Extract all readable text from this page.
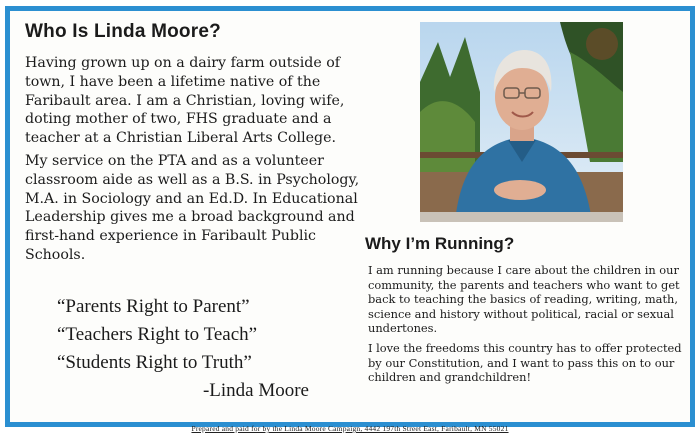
Who Is Linda Moore?

Having grown up on a dairy farm outside of town, I have been a lifetime native of the Faribault area. I am a Christian, loving wife, doting mother of two, FHS graduate and a teacher at a Christian Liberal Arts College.

My service on the PTA and as a volunteer classroom aide as well as a B.S. in Psychology, M.A. in Sociology and an Ed.D. In Educational Leadership gives me a broad background and first-hand experience in Faribault Public Schools.

“Parents Right to Parent”
“Teachers Right to Teach”
“Students Right to Truth”
-Linda Moore
Why I’m Running?

I am running because I care about the children in our community, the parents and teachers who want to get back to teaching the basics of reading, writing, math, science and history without political, racial or sexual undertones.

I love the freedoms this country has to offer protected by our Constitution, and I want to pass this on to our children and grandchildren!

Prepared and paid for by the Linda Moore Campaign, 4442 197th Street East, Faribault, MN 55021
